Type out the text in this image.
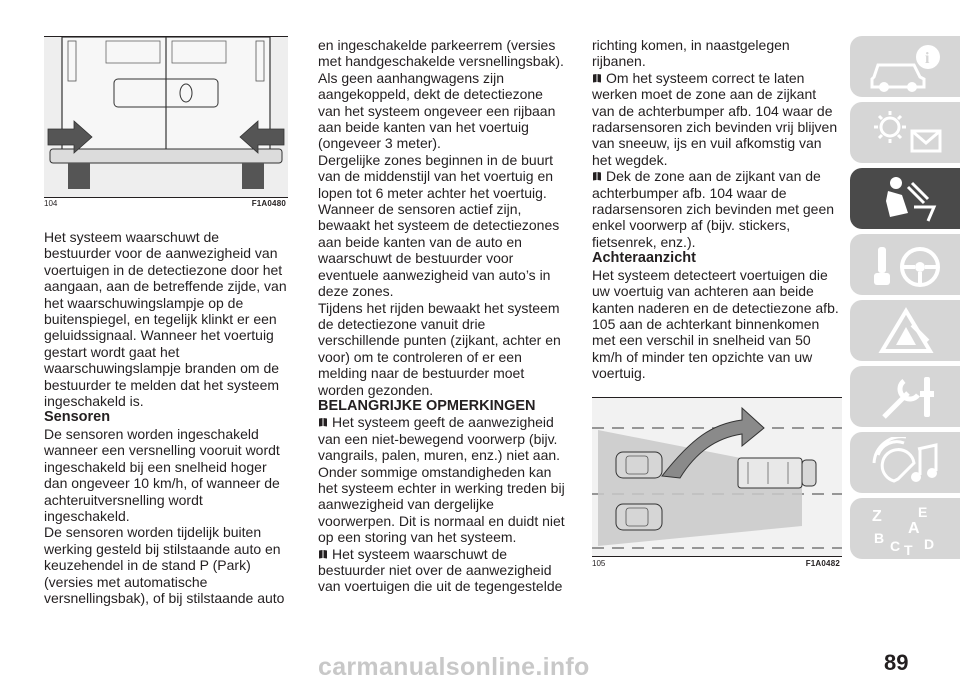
104	F1A0480

Het systeem waarschuwt de bestuurder voor de aanwezigheid van voertuigen in de detectiezone door het aangaan, aan de betreffende zijde, van het waarschuwingslampje op de buitenspiegel, en tegelijk klinkt er een geluidssignaal. Wanneer het voertuig gestart wordt gaat het waarschuwingslampje branden om de bestuurder te melden dat het systeem ingeschakeld is.

Sensoren

De sensoren worden ingeschakeld wanneer een versnelling vooruit wordt ingeschakeld bij een snelheid hoger dan ongeveer 10 km/h, of wanneer de achteruitversnelling wordt ingeschakeld.

De sensoren worden tijdelijk buiten werking gesteld bij stilstaande auto en keuzehendel in de stand P (Park) (versies met automatische versnellingsbak), of bij stilstaande auto

en ingeschakelde parkeerrem (versies met handgeschakelde versnellingsbak).

Als geen aanhangwagens zijn aangekoppeld, dekt de detectiezone van het systeem ongeveer een rijbaan aan beide kanten van het voertuig (ongeveer 3 meter).

Dergelijke zones beginnen in de buurt van de middenstijl van het voertuig en lopen tot 6 meter achter het voertuig.

Wanneer de sensoren actief zijn, bewaakt het systeem de detectiezones aan beide kanten van de auto en waarschuwt de bestuurder voor eventuele aanwezigheid van auto’s in deze zones.

Tijdens het rijden bewaakt het systeem de detectiezone vanuit drie verschillende punten (zijkant, achter en voor) om te controleren of er een melding naar de bestuurder moet worden gezonden.

BELANGRIJKE OPMERKINGEN

Het systeem geeft de aanwezigheid van een niet-bewegend voorwerp (bijv. vangrails, palen, muren, enz.) niet aan. Onder sommige omstandigheden kan het systeem echter in werking treden bij aanwezigheid van dergelijke voorwerpen. Dit is normaal en duidt niet op een storing van het systeem.

Het systeem waarschuwt de bestuurder niet over de aanwezigheid van voertuigen die uit de tegengestelde

richting komen, in naastgelegen rijbanen.

Om het systeem correct te laten werken moet de zone aan de zijkant van de achterbumper afb. 104 waar de radarsensoren zich bevinden vrij blijven van sneeuw, ijs en vuil afkomstig van het wegdek.

Dek de zone aan de zijkant van de achterbumper afb. 104 waar de radarsensoren zich bevinden met geen enkel voorwerp af (bijv. stickers, fietsenrek, enz.).

Achteraanzicht

Het systeem detecteert voertuigen die uw voertuig van achteren aan beide kanten naderen en de detectiezone afb. 105 aan de achterkant binnenkomen met een verschil in snelheid van 50 km/h of minder ten opzichte van uw voertuig.

105	F1A0482
i
Z	E
A
B C T D
89
carmanualsonline.info
